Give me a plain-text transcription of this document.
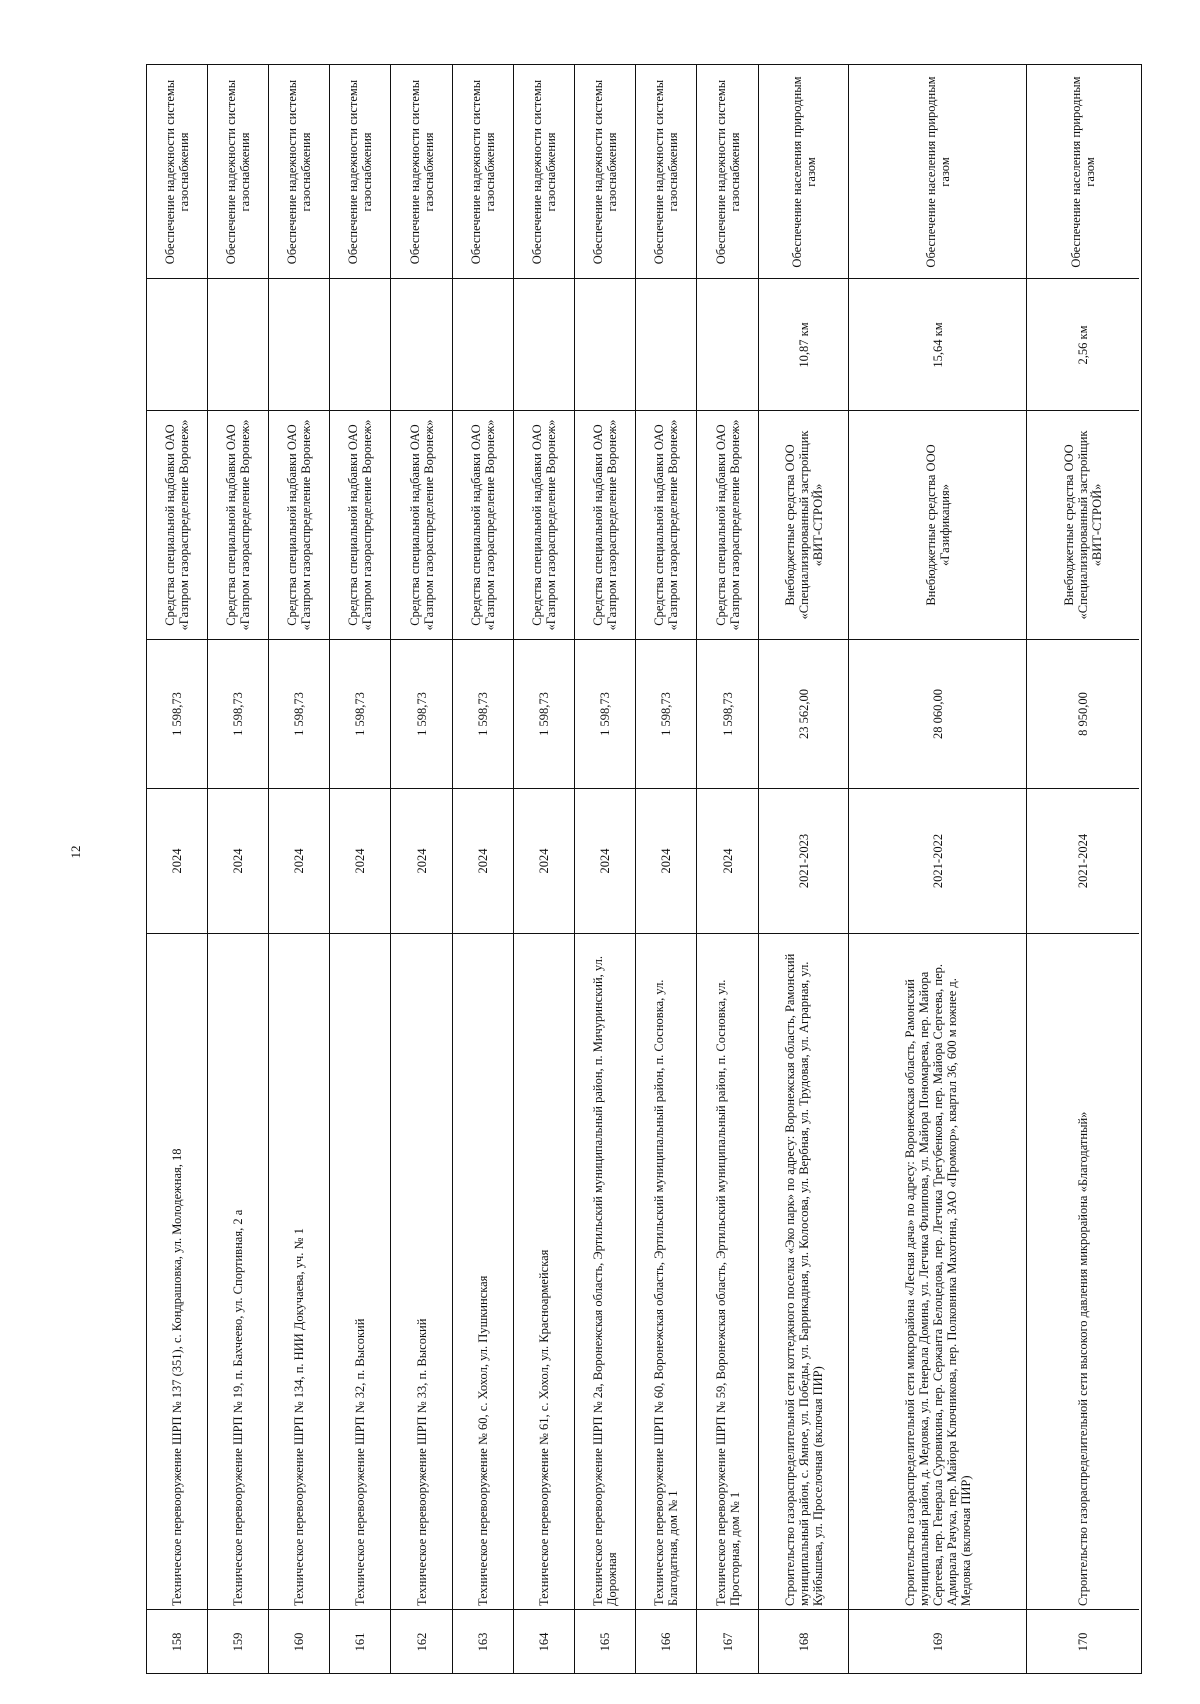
12
Обеспечение надежности системы газоснабжения
Средства специальной надбавки ОАО «Газпром газораспределение Воронеж»
1 598,73
2024
Техническое перевооружение ШРП № 137 (351), с. Кондрашовка, ул. Молодежная, 18
158
Обеспечение надежности системы газоснабжения
Средства специальной надбавки ОАО «Газпром газораспределение Воронеж»
1 598,73
2024
Техническое перевооружение ШРП № 19, п. Бахчеево, ул. Спортивная, 2 а
159
Обеспечение надежности системы газоснабжения
Средства специальной надбавки ОАО «Газпром газораспределение Воронеж»
1 598,73
2024
Техническое перевооружение ШРП № 134, п. НИИ Докучаева, уч. № 1
160
Обеспечение надежности системы газоснабжения
Средства специальной надбавки ОАО «Газпром газораспределение Воронеж»
1 598,73
2024
Техническое перевооружение ШРП № 32, п. Высокий
161
Обеспечение надежности системы газоснабжения
Средства специальной надбавки ОАО «Газпром газораспределение Воронеж»
1 598,73
2024
Техническое перевооружение ШРП № 33, п. Высокий
162
Обеспечение надежности системы газоснабжения
Средства специальной надбавки ОАО «Газпром газораспределение Воронеж»
1 598,73
2024
Техническое перевооружение № 60, с. Хохол, ул. Пушкинская
163
Обеспечение надежности системы газоснабжения
Средства специальной надбавки ОАО «Газпром газораспределение Воронеж»
1 598,73
2024
Техническое перевооружение № 61, с. Хохол, ул. Красноармейская
164
Обеспечение надежности системы газоснабжения
Средства специальной надбавки ОАО «Газпром газораспределение Воронеж»
1 598,73
2024
Техническое перевооружение ШРП № 2а, Воронежская область, Эртильский муниципальный район, п. Мичуринский, ул. Дорожная
165
Обеспечение надежности системы газоснабжения
Средства специальной надбавки ОАО «Газпром газораспределение Воронеж»
1 598,73
2024
Техническое перевооружение ШРП № 60, Воронежская область, Эртильский муниципальный район, п. Сосновка, ул. Благодатная, дом № 1
166
Обеспечение надежности системы газоснабжения
Средства специальной надбавки ОАО «Газпром газораспределение Воронеж»
1 598,73
2024
Техническое перевооружение ШРП № 59, Воронежская область, Эртильский муниципальный район, п. Сосновка, ул. Просторная, дом № 1
167
Обеспечение населения природным газом
10,87 км
Внебюджетные средства ООО «Специализированный застройщик «ВИТ-СТРОЙ»
23 562,00
2021-2023
Строительство газораспределительной сети коттеджного поселка «Эко парк» по адресу: Воронежская область, Рамонский муниципальный район, с. Ямное, ул. Победы, ул. Баррикадная, ул. Колосова, ул. Вербная, ул. Трудовая, ул. Аграрная, ул. Куйбышева, ул. Проселочная (включая ПИР)
168
Обеспечение населения природным газом
15,64 км
Внебюджетные средства ООО «Газификация»
28 060,00
2021-2022
Строительство газораспределительной сети микрорайона «Лесная дача» по адресу: Воронежская область, Рамонский муниципальный район, д. Медовка, ул. Генерала Домина, ул. Летчика Филипова, ул. Майора Пономарева, пер. Майора Сергеева, пер. Генерала Суровикина, пер. Сержанта Белоцедова, пер. Летчика Трегубенкова, пер. Майора Сергеева, пер. Адмирала Рачука, пер. Майора Ключникова, пер. Полковника Махотина, ЗАО «Промкор», квартал 36, 600 м южнее д. Медовка (включая ПИР)
169
Обеспечение населения природным газом
2,56 км
Внебюджетные средства ООО «Специализированный застройщик «ВИТ-СТРОЙ»
8 950,00
2021-2024
Строительство газораспределительной сети высокого давления микрорайона «Благодатный»
170
